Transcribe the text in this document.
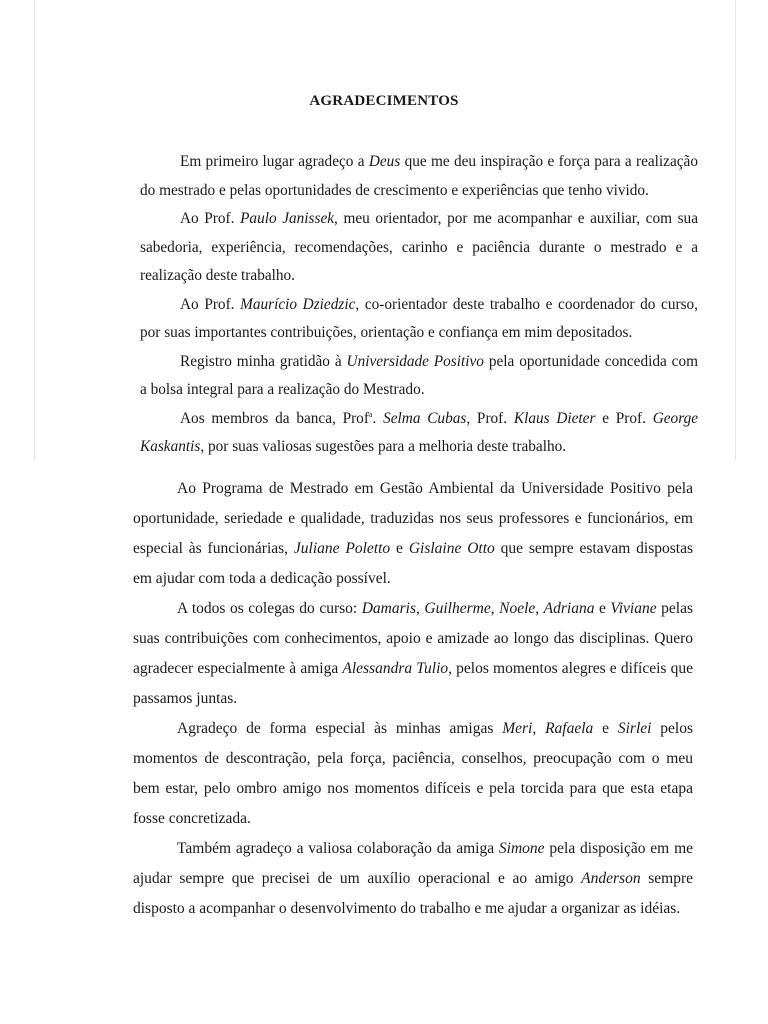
AGRADECIMENTOS

Em primeiro lugar agradeço a Deus que me deu inspiração e força para a realização do mestrado e pelas oportunidades de crescimento e experiências que tenho vivido.

Ao Prof. Paulo Janissek, meu orientador, por me acompanhar e auxiliar, com sua sabedoria, experiência, recomendações, carinho e paciência durante o mestrado e a realização deste trabalho.

Ao Prof. Maurício Dziedzic, co-orientador deste trabalho e coordenador do curso, por suas importantes contribuições, orientação e confiança em mim depositados.

Registro minha gratidão à Universidade Positivo pela oportunidade concedida com a bolsa integral para a realização do Mestrado.

Aos membros da banca, Prof$^a$. Selma Cubas, Prof. Klaus Dieter e Prof. George Kaskantis, por suas valiosas sugestões para a melhoria deste trabalho.

Ao Programa de Mestrado em Gestão Ambiental da Universidade Positivo pela oportunidade, seriedade e qualidade, traduzidas nos seus professores e funcionários, em especial às funcionárias, Juliane Poletto e Gislaine Otto que sempre estavam dispostas em ajudar com toda a dedicação possível.

A todos os colegas do curso: Damaris, Guilherme, Noele, Adriana e Viviane pelas suas contribuições com conhecimentos, apoio e amizade ao longo das disciplinas. Quero agradecer especialmente à amiga Alessandra Tulio, pelos momentos alegres e difíceis que passamos juntas.

Agradeço de forma especial às minhas amigas Meri, Rafaela e Sirlei pelos momentos de descontração, pela força, paciência, conselhos, preocupação com o meu bem estar, pelo ombro amigo nos momentos difíceis e pela torcida para que esta etapa fosse concretizada.

Também agradeço a valiosa colaboração da amiga Simone pela disposição em me ajudar sempre que precisei de um auxílio operacional e ao amigo Anderson sempre disposto a acompanhar o desenvolvimento do trabalho e me ajudar a organizar as idéias.
